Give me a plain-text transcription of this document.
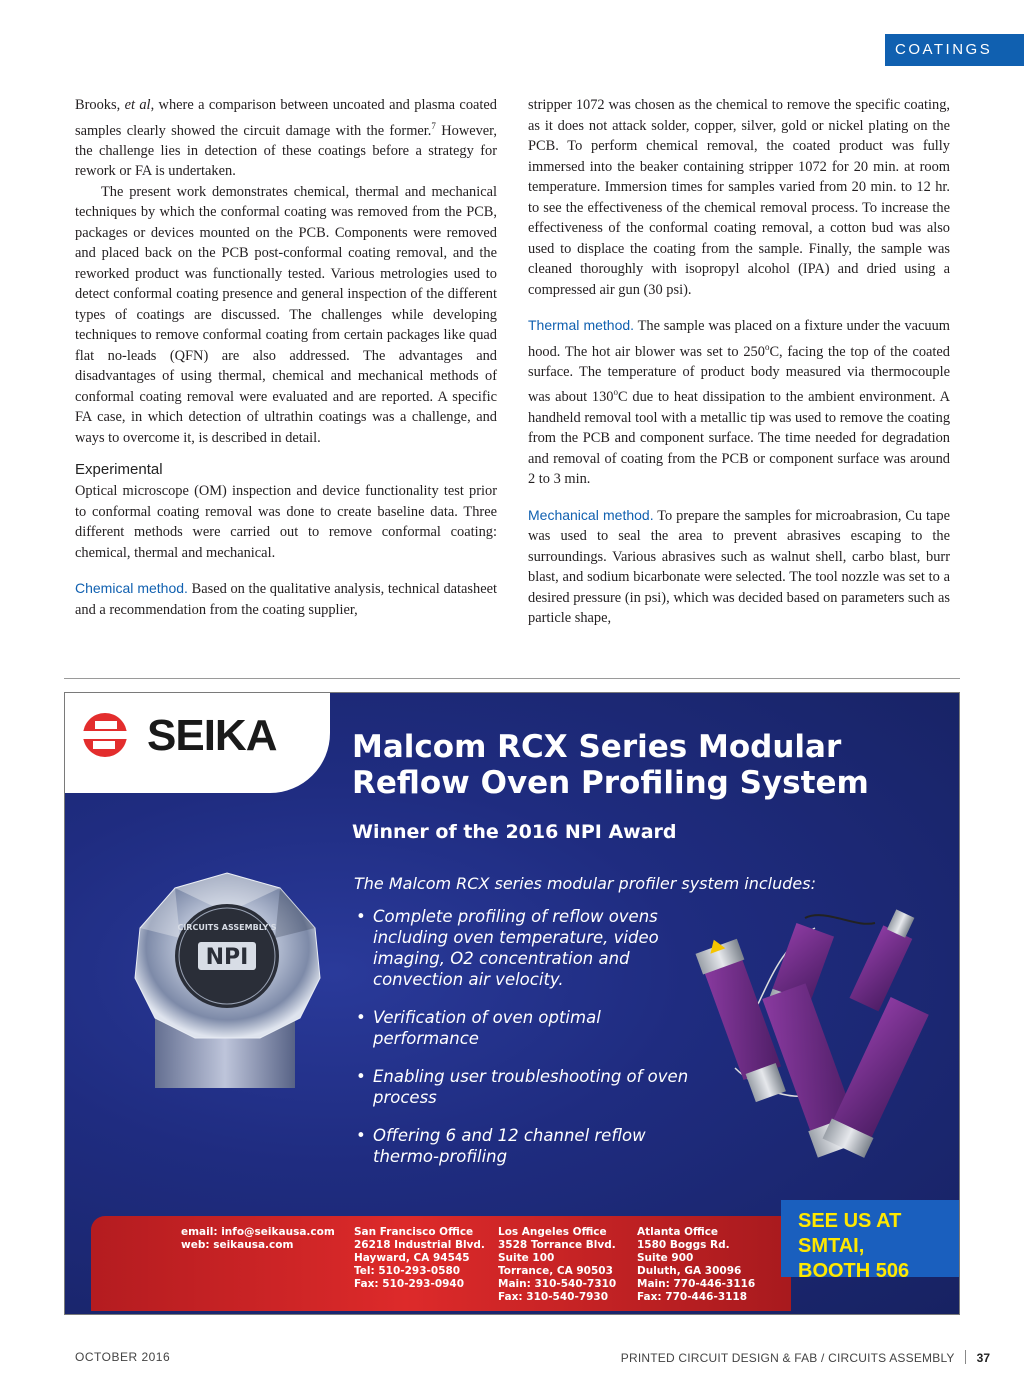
COATINGS

Brooks, et al, where a comparison between uncoated and plasma coated samples clearly showed the circuit damage with the former.$^7$ However, the challenge lies in detection of these coatings before a strategy for rework or FA is undertaken.

The present work demonstrates chemical, thermal and mechanical techniques by which the conformal coating was removed from the PCB, packages or devices mounted on the PCB. Components were removed and placed back on the PCB post-conformal coating removal, and the reworked product was functionally tested. Various metrologies used to detect conformal coating presence and general inspection of the different types of coatings are discussed. The challenges while developing techniques to remove conformal coating from certain packages like quad flat no-leads (QFN) are also addressed. The advantages and disadvantages of using thermal, chemical and mechanical methods of conformal coating removal were evaluated and are reported. A specific FA case, in which detection of ultrathin coatings was a challenge, and ways to overcome it, is described in detail.

Experimental

Optical microscope (OM) inspection and device functionality test prior to conformal coating removal was done to create baseline data. Three different methods were carried out to remove conformal coating: chemical, thermal and mechanical.

Chemical method. Based on the qualitative analysis, technical datasheet and a recommendation from the coating supplier,

stripper 1072 was chosen as the chemical to remove the specific coating, as it does not attack solder, copper, silver, gold or nickel plating on the PCB. To perform chemical removal, the coated product was fully immersed into the beaker containing stripper 1072 for 20 min. at room temperature. Immersion times for samples varied from 20 min. to 12 hr. to see the effectiveness of the chemical removal process. To increase the effectiveness of the conformal coating removal, a cotton bud was also used to displace the coating from the sample. Finally, the sample was cleaned thoroughly with isopropyl alcohol (IPA) and dried using a compressed air gun (30 psi).

Thermal method. The sample was placed on a fixture under the vacuum hood. The hot air blower was set to 250$^o$C, facing the top of the coated surface. The temperature of product body measured via thermocouple was about 130$^o$C due to heat dissipation to the ambient environment. A handheld removal tool with a metallic tip was used to remove the coating from the PCB and component surface. The time needed for degradation and removal of coating from the PCB or component surface was around 2 to 3 min.

Mechanical method. To prepare the samples for microabrasion, Cu tape was used to seal the area to prevent abrasives escaping to the surroundings. Various abrasives such as walnut shell, carbo blast, burr blast, and sodium bicarbonate were selected. The tool nozzle was set to a desired pressure (in psi), which was decided based on parameters such as particle shape,

SEIKA Malcom RCX Series Modular
Reflow Oven Profiling System
Winner of the 2016 NPI Award
The Malcom RCX series modular profiler system includes:
• Complete profiling of reflow ovens including oven temperature, video imaging, O2 concentration and convection air velocity.
• Verification of oven optimal performance
• Enabling user troubleshooting of oven process
• Offering 6 and 12 channel reflow thermo-profiling
CIRCUITS ASSEMBLY'S
NPI
email: info@seikausa.com
web: seikausa.com
San Francisco Office
26218 Industrial Blvd.
Hayward, CA 94545
Tel: 510-293-0580
Fax: 510-293-0940
Los Angeles Office
3528 Torrance Blvd.
Suite 100
Torrance, CA 90503
Main: 310-540-7310
Fax: 310-540-7930
Atlanta Office
1580 Boggs Rd.
Suite 900
Duluth, GA 30096
Main: 770-446-3116
Fax: 770-446-3118
SEE US AT SMTAI,
BOOTH 506
OCTOBER 2016	PRINTED CIRCUIT DESIGN & FAB / CIRCUITS ASSEMBLY 37
